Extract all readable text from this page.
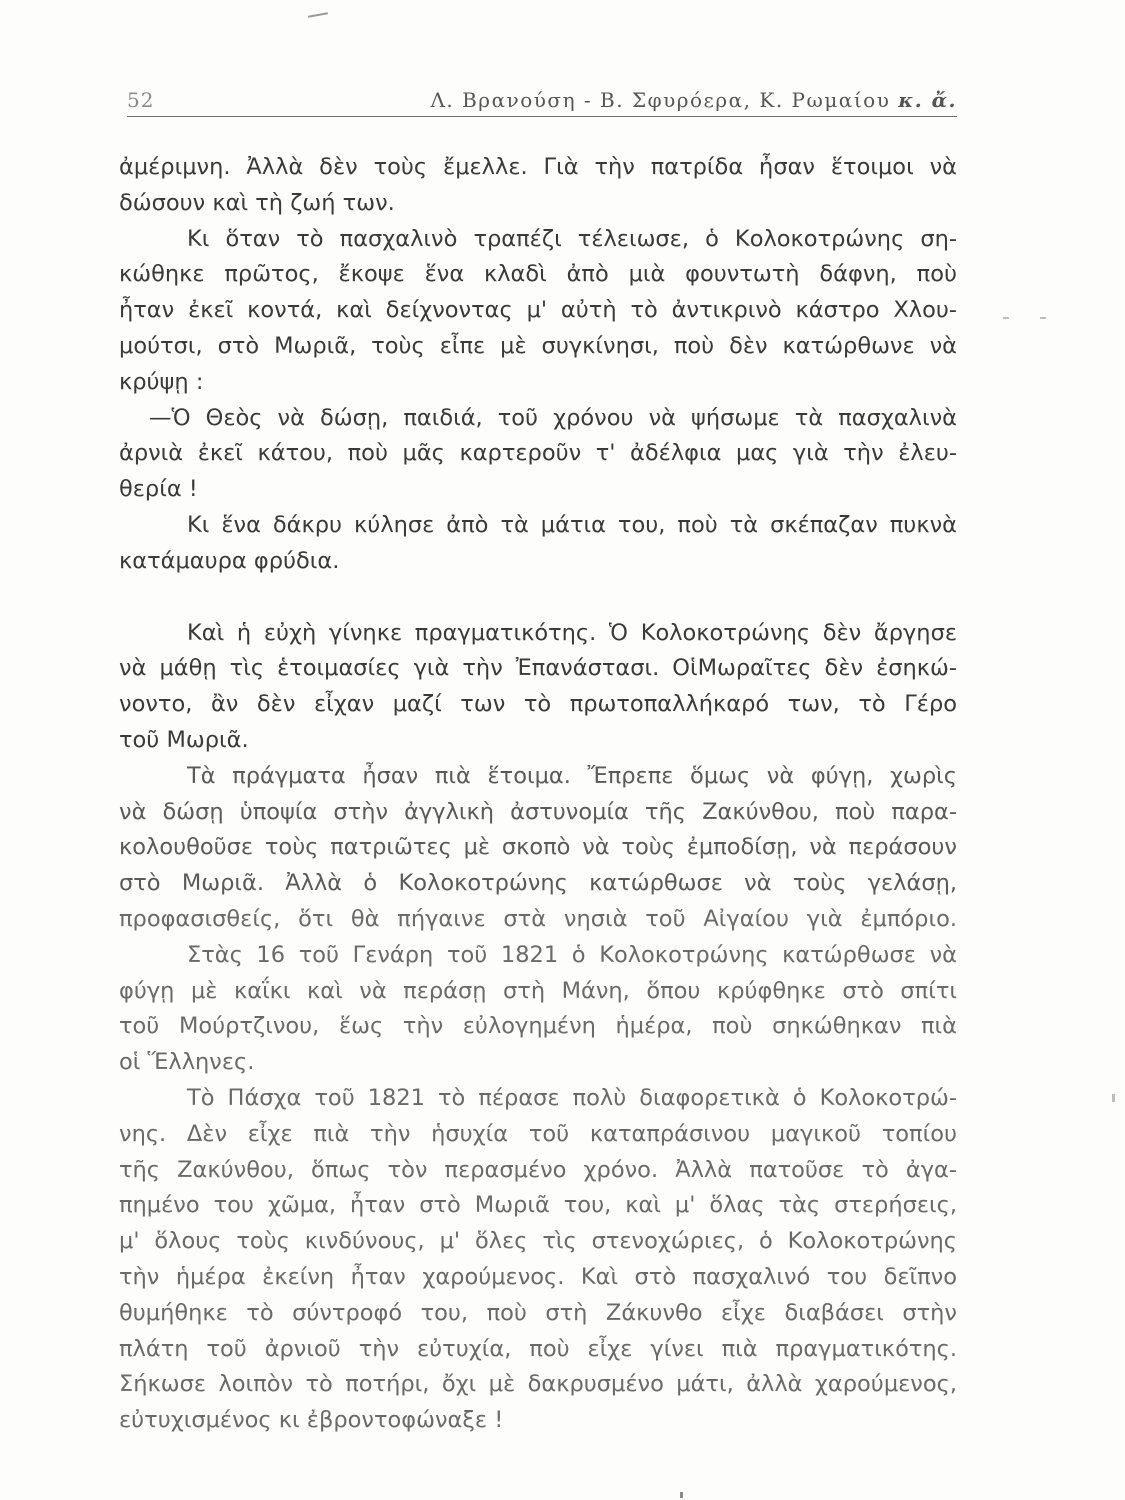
52	Λ. Βρανούση - Β. Σφυρόερα, Κ. Ρωμαίου κ. ἄ.
ἀμέριμνη. Ἀλλὰ δὲν τοὺς ἔμελλε. Γιὰ τὴν πατρίδα ἦσαν ἕτοιμοι νὰ
δώσουν καὶ τὴ ζωή των.
Κι ὅταν τὸ πασχαλινὸ τραπέζι τέλειωσε, ὁ Κολοκοτρώνης ση-
κώθηκε πρῶτος, ἔκοψε ἕνα κλαδὶ ἀπὸ μιὰ φουντωτὴ δάφνη, ποὺ
ἦταν ἐκεῖ κοντά, καὶ δείχνοντας μ' αὐτὴ τὸ ἀντικρινὸ κάστρο Χλου-
μούτσι, στὸ Μωριᾶ, τοὺς εἶπε μὲ συγκίνησι, ποὺ δὲν κατώρθωνε νὰ
κρύψῃ :
—Ὁ Θεὸς νὰ δώσῃ, παιδιά, τοῦ χρόνου νὰ ψήσωμε τὰ πασχαλινὰ
ἀρνιὰ ἐκεῖ κάτου, ποὺ μᾶς καρτεροῦν τ' ἀδέλφια μας γιὰ τὴν ἐλευ-
θερία !
Κι ἕνα δάκρυ κύλησε ἀπὸ τὰ μάτια του, ποὺ τὰ σκέπαζαν πυκνὰ
κατάμαυρα φρύδια.
Καὶ ἡ εὐχὴ γίνηκε πραγματικότης. Ὁ Κολοκοτρώνης δὲν ἄργησε
νὰ μάθῃ τὶς ἑτοιμασίες γιὰ τὴν Ἐπανάστασι. ΟἱΜωραῖτες δὲν ἐσηκώ-
νοντο, ἂν δὲν εἶχαν μαζί των τὸ πρωτοπαλλήκαρό των, τὸ Γέρο
τοῦ Μωριᾶ.
Τὰ πράγματα ἦσαν πιὰ ἕτοιμα. Ἔπρεπε ὅμως νὰ φύγῃ, χωρὶς
νὰ δώσῃ ὑποψία στὴν ἀγγλικὴ ἀστυνομία τῆς Ζακύνθου, ποὺ παρα-
κολουθοῦσε τοὺς πατριῶτες μὲ σκοπὸ νὰ τοὺς ἐμποδίσῃ, νὰ περάσουν
στὸ Μωριᾶ. Ἀλλὰ ὁ Κολοκοτρώνης κατώρθωσε νὰ τοὺς γελάσῃ,
προφασισθείς, ὅτι θὰ πήγαινε στὰ νησιὰ τοῦ Αἰγαίου γιὰ ἐμπόριο.
Στὰς 16 τοῦ Γενάρη τοῦ 1821 ὁ Κολοκοτρώνης κατώρθωσε νὰ
φύγῃ μὲ καΐκι καὶ νὰ περάσῃ στὴ Μάνη, ὅπου κρύφθηκε στὸ σπίτι
τοῦ Μούρτζινου, ἕως τὴν εὐλογημένη ἡμέρα, ποὺ σηκώθηκαν πιὰ
οἱ Ἕλληνες.
Τὸ Πάσχα τοῦ 1821 τὸ πέρασε πολὺ διαφορετικὰ ὁ Κολοκοτρώ-
νης. Δὲν εἶχε πιὰ τὴν ἡσυχία τοῦ καταπράσινου μαγικοῦ τοπίου
τῆς Ζακύνθου, ὅπως τὸν περασμένο χρόνο. Ἀλλὰ πατοῦσε τὸ ἀγα-
πημένο του χῶμα, ἦταν στὸ Μωριᾶ του, καὶ μ' ὅλας τὰς στερήσεις,
μ' ὅλους τοὺς κινδύνους, μ' ὅλες τὶς στενοχώριες, ὁ Κολοκοτρώνης
τὴν ἡμέρα ἐκείνη ἦταν χαρούμενος. Καὶ στὸ πασχαλινό του δεῖπνο
θυμήθηκε τὸ σύντροφό του, ποὺ στὴ Ζάκυνθο εἶχε διαβάσει στὴν
πλάτη τοῦ ἀρνιοῦ τὴν εὐτυχία, ποὺ εἶχε γίνει πιὰ πραγματικότης.
Σήκωσε λοιπὸν τὸ ποτήρι, ὄχι μὲ δακρυσμένο μάτι, ἀλλὰ χαρούμενος,
εὐτυχισμένος κι ἐβροντοφώναξε !
